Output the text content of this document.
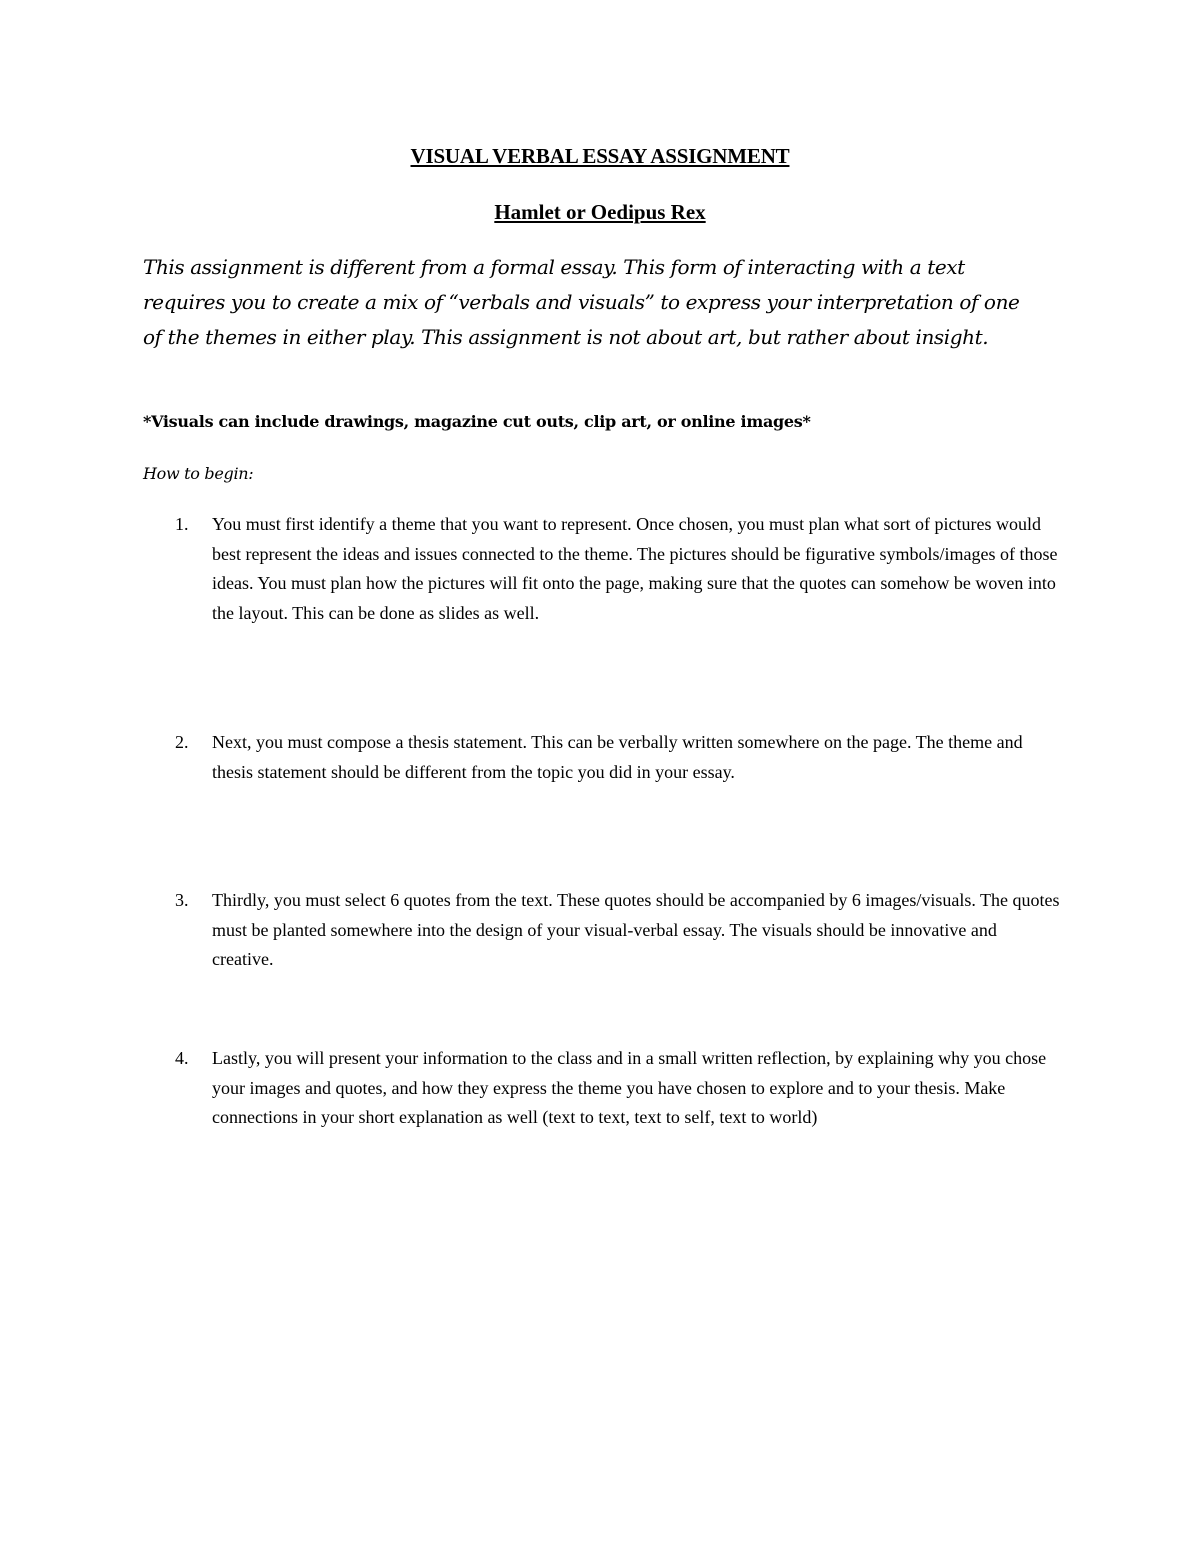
VISUAL VERBAL ESSAY ASSIGNMENT
Hamlet or Oedipus Rex
This assignment is different from a formal essay. This form of interacting with a text requires you to create a mix of “verbals and visuals” to express your interpretation of one of the themes in either play. This assignment is not about art, but rather about insight.
*Visuals can include drawings, magazine cut outs, clip art, or online images*
How to begin:
1.	You must first identify a theme that you want to represent. Once chosen, you must plan what sort of pictures would best represent the ideas and issues connected to the theme. The pictures should be figurative symbols/images of those ideas. You must plan how the pictures will fit onto the page, making sure that the quotes can somehow be woven into the layout. This can be done as slides as well.
2.	Next, you must compose a thesis statement. This can be verbally written somewhere on the page. The theme and thesis statement should be different from the topic you did in your essay.
3.	Thirdly, you must select 6 quotes from the text. These quotes should be accompanied by 6 images/visuals. The quotes must be planted somewhere into the design of your visual-verbal essay. The visuals should be innovative and creative.
4.	Lastly, you will present your information to the class and in a small written reflection, by explaining why you chose your images and quotes, and how they express the theme you have chosen to explore and to your thesis. Make connections in your short explanation as well (text to text, text to self, text to world)
